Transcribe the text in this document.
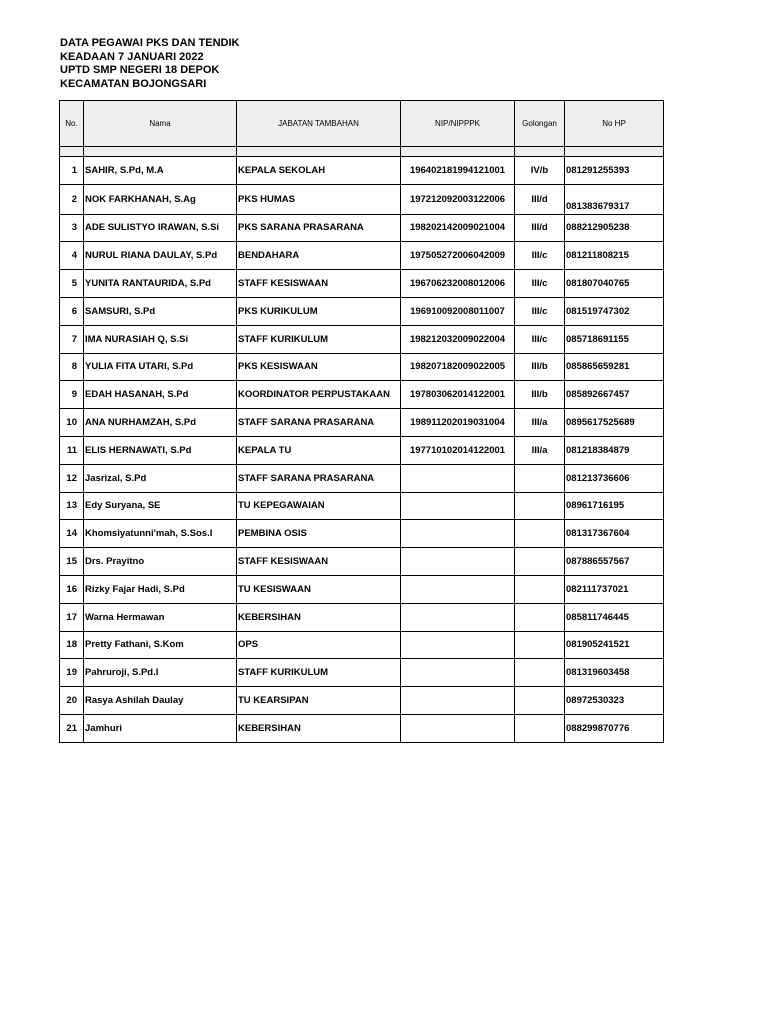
DATA PEGAWAI PKS DAN TENDIK
KEADAAN 7 JANUARI 2022
UPTD SMP NEGERI 18 DEPOK
KECAMATAN BOJONGSARI
No.	Nama	JABATAN TAMBAHAN	NIP/NIPPPK	Golongan	No HP

1	SAHIR, S.Pd, M.A	KEPALA SEKOLAH	196402181994121001	IV/b	081291255393
2	NOK FARKHANAH, S.Ag	PKS HUMAS	197212092003122006	III/d	081383679317
3	ADE SULISTYO IRAWAN, S.Si	PKS SARANA PRASARANA	198202142009021004	III/d	088212905238
4	NURUL RIANA DAULAY, S.Pd	BENDAHARA	197505272006042009	III/c	081211808215
5	YUNITA RANTAURIDA, S.Pd	STAFF KESISWAAN	196706232008012006	III/c	081807040765
6	SAMSURI, S.Pd	PKS KURIKULUM	196910092008011007	III/c	081519747302
7	IMA NURASIAH Q, S.Si	STAFF KURIKULUM	198212032009022004	III/c	085718691155
8	YULIA FITA UTARI, S.Pd	PKS KESISWAAN	198207182009022005	III/b	085865659281
9	EDAH HASANAH, S.Pd	KOORDINATOR PERPUSTAKAAN	197803062014122001	III/b	085892667457
10	ANA NURHAMZAH, S.Pd	STAFF SARANA PRASARANA	198911202019031004	III/a	0895617525689
11	ELIS HERNAWATI, S.Pd	KEPALA TU	197710102014122001	III/a	081218384879
12	Jasrizal, S.Pd	STAFF SARANA PRASARANA			081213736606
13	Edy Suryana, SE	TU KEPEGAWAIAN			08961716195
14	Khomsiyatunni'mah, S.Sos.I	PEMBINA OSIS			081317367604
15	Drs. Prayitno	STAFF KESISWAAN			087886557567
16	Rizky Fajar Hadi, S.Pd	TU KESISWAAN			082111737021
17	Warna Hermawan	KEBERSIHAN			085811746445
18	Pretty Fathani, S.Kom	OPS			081905241521
19	Pahruroji, S.Pd.I	STAFF KURIKULUM			081319603458
20	Rasya Ashilah Daulay	TU KEARSIPAN			08972530323
21	Jamhuri	KEBERSIHAN			088299870776
